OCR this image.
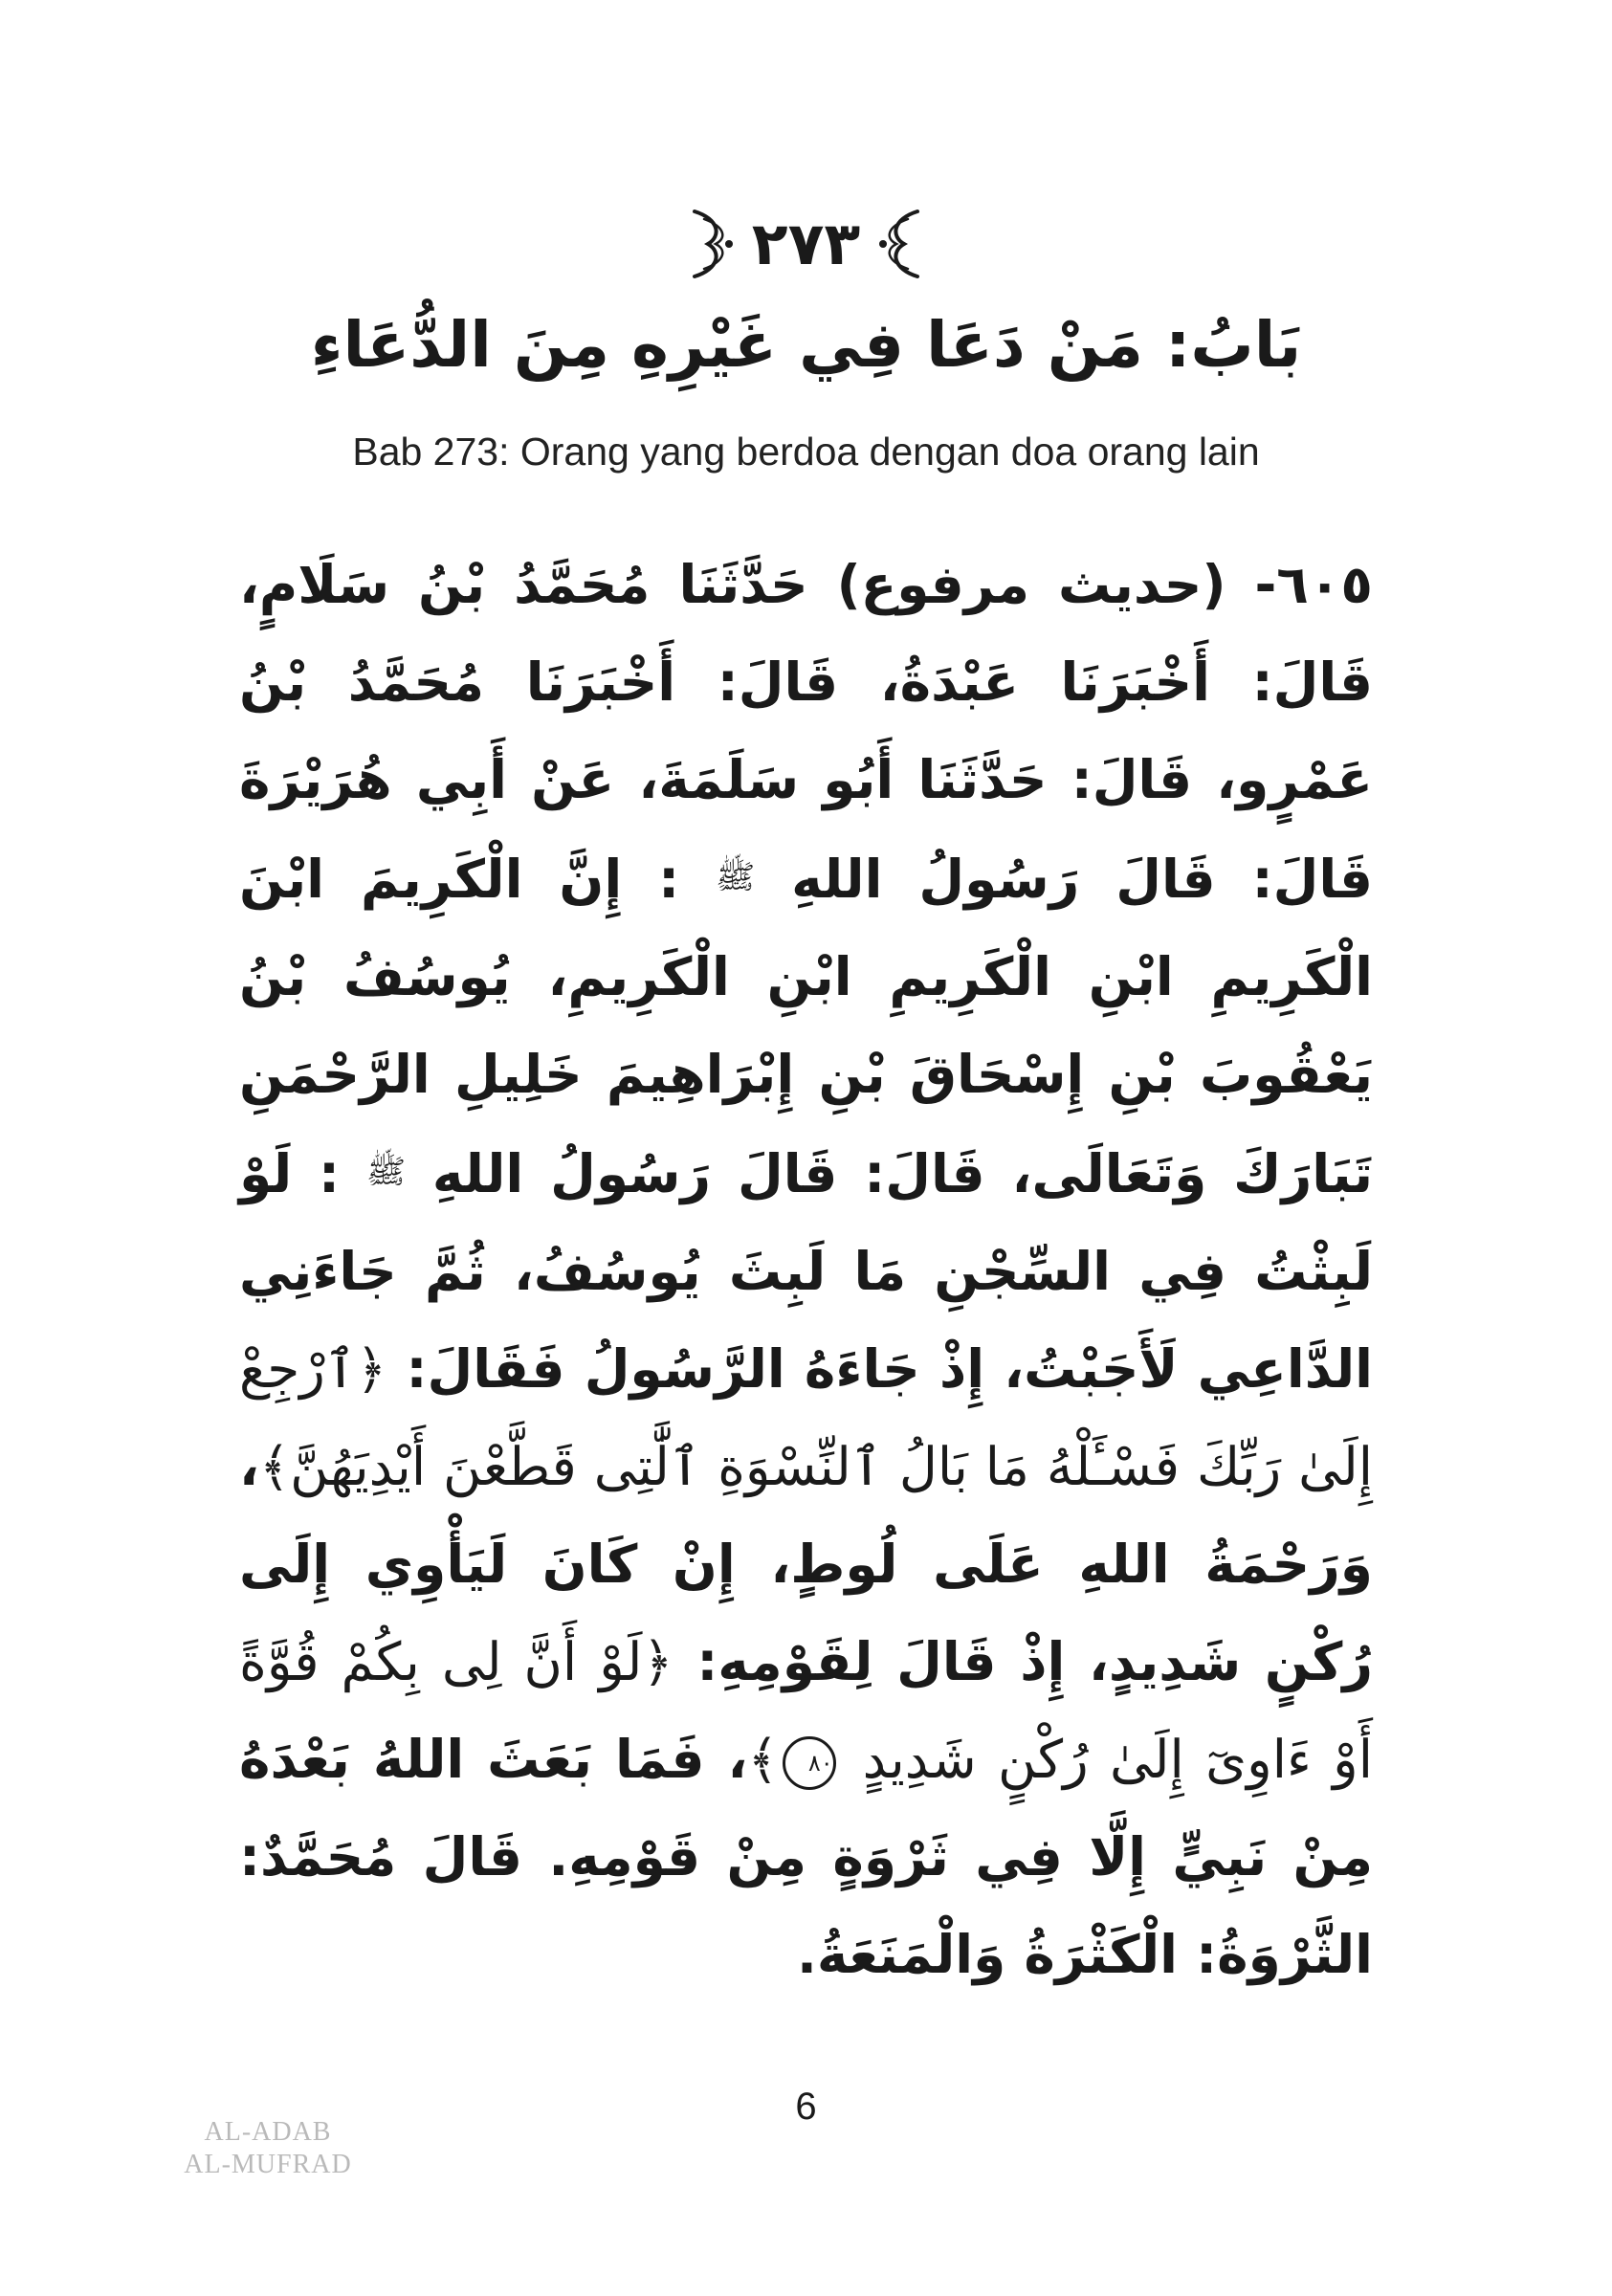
٢٧٣
بَابُ: مَنْ دَعَا فِي غَيْرِهِ مِنَ الدُّعَاءِ
Bab 273: Orang yang berdoa dengan doa orang lain

٦٠٥- (حديث مرفوع) حَدَّثَنَا مُحَمَّدُ بْنُ سَلَامٍ، قَالَ: أَخْبَرَنَا عَبْدَةُ، قَالَ: أَخْبَرَنَا مُحَمَّدُ بْنُ عَمْرٍو، قَالَ: حَدَّثَنَا أَبُو سَلَمَةَ، عَنْ أَبِي هُرَيْرَةَ قَالَ: قَالَ رَسُولُ اللهِ ﷺ : إِنَّ الْكَرِيمَ ابْنَ الْكَرِيمِ ابْنِ الْكَرِيمِ ابْنِ الْكَرِيمِ، يُوسُفُ بْنُ يَعْقُوبَ بْنِ إِسْحَاقَ بْنِ إِبْرَاهِيمَ خَلِيلِ الرَّحْمَنِ تَبَارَكَ وَتَعَالَى، قَالَ: قَالَ رَسُولُ اللهِ ﷺ : لَوْ لَبِثْتُ فِي السِّجْنِ مَا لَبِثَ يُوسُفُ، ثُمَّ جَاءَنِي الدَّاعِي لَأَجَبْتُ، إِذْ جَاءَهُ الرَّسُولُ فَقَالَ: ﴿ٱرْجِعْ إِلَىٰ رَبِّكَ فَسْـَٔلْهُ مَا بَالُ ٱلنِّسْوَةِ ٱلَّٰتِى قَطَّعْنَ أَيْدِيَهُنَّ﴾، وَرَحْمَةُ اللهِ عَلَى لُوطٍ، إِنْ كَانَ لَيَأْوِي إِلَى رُكْنٍ شَدِيدٍ، إِذْ قَالَ لِقَوْمِهِ: ﴿لَوْ أَنَّ لِى بِكُمْ قُوَّةً أَوْ ءَاوِىٓ إِلَىٰ رُكْنٍ شَدِيدٍ ٨٠﴾، فَمَا بَعَثَ اللهُ بَعْدَهُ مِنْ نَبِيٍّ إِلَّا فِي ثَرْوَةٍ مِنْ قَوْمِهِ. قَالَ مُحَمَّدٌ: الثَّرْوَةُ: الْكَثْرَةُ وَالْمَنَعَةُ.

AL-ADAB
AL-MUFRAD
6
